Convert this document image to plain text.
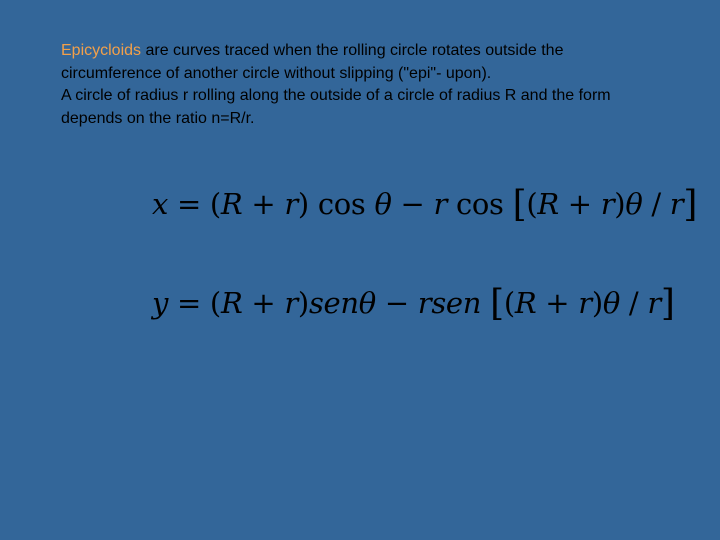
Epicycloids are curves traced when the rolling circle rotates outside the circumference of another circle without slipping ("epi"- upon).

A circle of radius r rolling along the outside of a circle of radius R and the form depends on the ratio n=R/r.

x = (R + r) cos θ − r cos [(R + r)θ / r]
y = (R + r)senθ − rsen [(R + r)θ / r]
